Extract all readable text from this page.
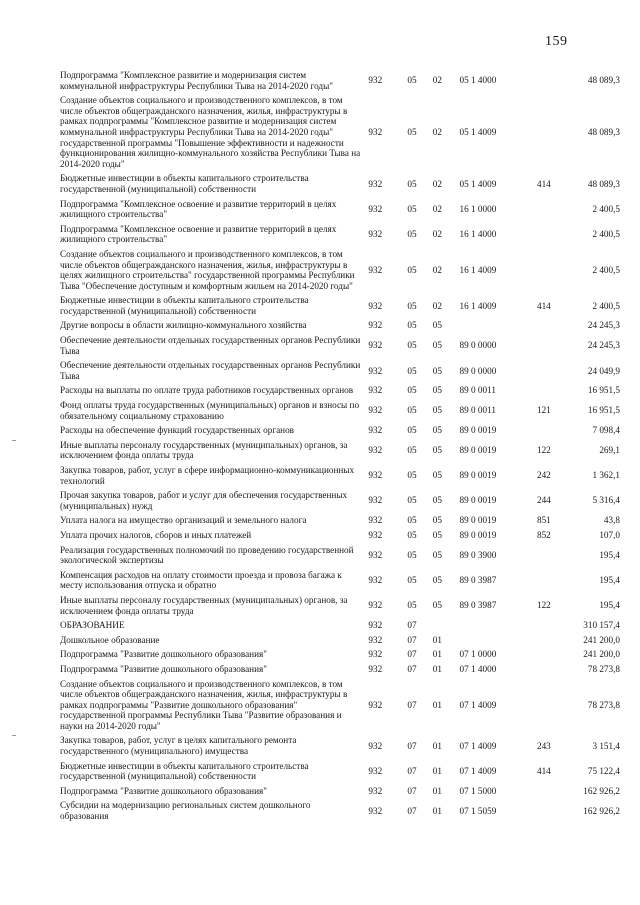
159
Подпрограмма "Комплексное развитие и модернизация систем коммунальной инфраструктуры Республики Тыва на 2014-2020 годы"	932	05	02	05 1 4000		48 089,3
Создание объектов социального и производственного комплексов, в том числе объектов общегражданского назначения, жилья, инфраструктуры в рамках подпрограммы "Комплексное развитие и модернизация систем коммунальной инфраструктуры Республики Тыва на 2014-2020 годы" государственной программы "Повышение эффективности и надежности функционирования жилищно-коммунального хозяйства Республики Тыва на 2014-2020 годы"	932	05	02	05 1 4009		48 089,3
Бюджетные инвестиции в объекты капитального строительства государственной (муниципальной) собственности	932	05	02	05 1 4009	414	48 089,3
Подпрограмма "Комплексное освоение и развитие территорий в целях жилищного строительства"	932	05	02	16 1 0000		2 400,5
Подпрограмма "Комплексное освоение и развитие территорий в целях жилищного строительства"	932	05	02	16 1 4000		2 400,5
Создание объектов социального и производственного комплексов, в том числе объектов общегражданского назначения, жилья, инфраструктуры в целях жилищного строительства" государственной программы Республики Тыва "Обеспечение доступным и комфортным жильем на 2014-2020 годы"	932	05	02	16 1 4009		2 400,5
Бюджетные инвестиции в объекты капитального строительства государственной (муниципальной) собственности	932	05	02	16 1 4009	414	2 400,5
Другие вопросы в области жилищно-коммунального хозяйства	932	05	05			24 245,3
Обеспечение деятельности отдельных государственных органов Республики Тыва	932	05	05	89 0 0000		24 245,3
Обеспечение деятельности отдельных государственных органов Республики Тыва	932	05	05	89 0 0000		24 049,9
Расходы на выплаты по оплате труда работников государственных органов	932	05	05	89 0 0011		16 951,5
Фонд оплаты труда государственных (муниципальных) органов и взносы по обязательному социальному страхованию	932	05	05	89 0 0011	121	16 951,5
Расходы на обеспечение функций государственных органов	932	05	05	89 0 0019		7 098,4
Иные выплаты персоналу государственных (муниципальных) органов, за исключением фонда оплаты труда	932	05	05	89 0 0019	122	269,1
Закупка товаров, работ, услуг в сфере информационно-коммуникационных технологий	932	05	05	89 0 0019	242	1 362,1
Прочая закупка товаров, работ и услуг для обеспечения государственных (муниципальных) нужд	932	05	05	89 0 0019	244	5 316,4
Уплата налога на имущество организаций и земельного налога	932	05	05	89 0 0019	851	43,8
Уплата прочих налогов, сборов и иных платежей	932	05	05	89 0 0019	852	107,0
Реализация государственных полномочий по проведению государственной экологической экспертизы	932	05	05	89 0 3900		195,4
Компенсация расходов на оплату стоимости проезда и провоза багажа к месту использования отпуска и обратно	932	05	05	89 0 3987		195,4
Иные выплаты персоналу государственных (муниципальных) органов, за исключением фонда оплаты труда	932	05	05	89 0 3987	122	195,4
ОБРАЗОВАНИЕ	932	07				310 157,4
Дошкольное образование	932	07	01			241 200,0
Подпрограмма "Развитие дошкольного образования"	932	07	01	07 1 0000		241 200,0
Подпрограмма "Развитие дошкольного образования"	932	07	01	07 1 4000		78 273,8
Создание объектов социального и производственного комплексов, в том числе объектов общегражданского назначения, жилья, инфраструктуры в рамках подпрограммы "Развитие дошкольного образования" государственной программы Республики Тыва "Развитие образования и науки на 2014-2020 годы"	932	07	01	07 1 4009		78 273,8
Закупка товаров, работ, услуг в целях капитального ремонта государственного (муниципального) имущества	932	07	01	07 1 4009	243	3 151,4
Бюджетные инвестиции в объекты капитального строительства государственной (муниципальной) собственности	932	07	01	07 1 4009	414	75 122,4
Подпрограмма "Развитие дошкольного образования"	932	07	01	07 1 5000		162 926,2
Субсидии на модернизацию региональных систем дошкольного образования	932	07	01	07 1 5059		162 926,2
